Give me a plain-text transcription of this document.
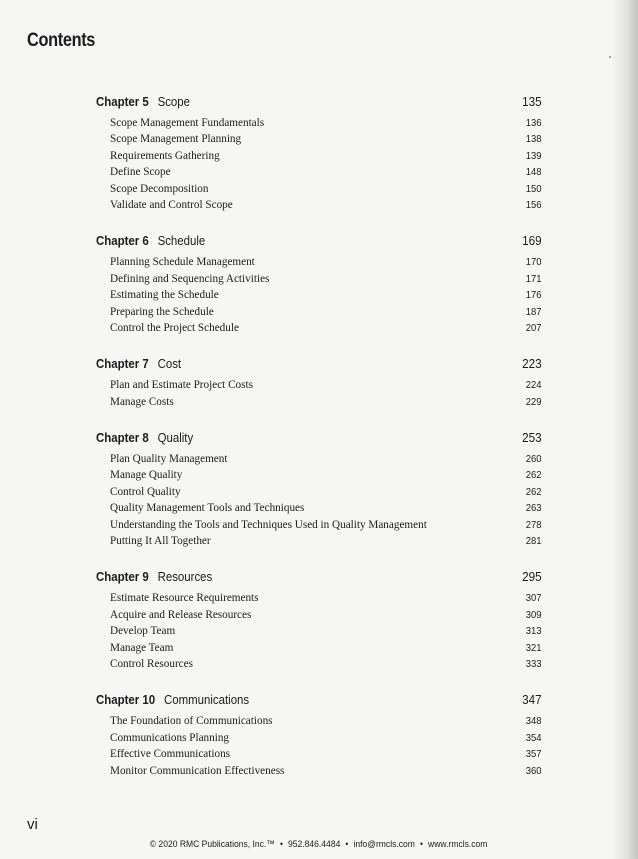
Contents
Chapter 5 Scope	135
Scope Management Fundamentals	136
Scope Management Planning	138
Requirements Gathering	139
Define Scope	148
Scope Decomposition	150
Validate and Control Scope	156
Chapter 6 Schedule	169
Planning Schedule Management	170
Defining and Sequencing Activities	171
Estimating the Schedule	176
Preparing the Schedule	187
Control the Project Schedule	207
Chapter 7 Cost	223
Plan and Estimate Project Costs	224
Manage Costs	229
Chapter 8 Quality	253
Plan Quality Management	260
Manage Quality	262
Control Quality	262
Quality Management Tools and Techniques	263
Understanding the Tools and Techniques Used in Quality Management	278
Putting It All Together	281
Chapter 9 Resources	295
Estimate Resource Requirements	307
Acquire and Release Resources	309
Develop Team	313
Manage Team	321
Control Resources	333
Chapter 10 Communications	347
The Foundation of Communications	348
Communications Planning	354
Effective Communications	357
Monitor Communication Effectiveness	360
vi
© 2020 RMC Publications, Inc.™ • 952.846.4484 • info@rmcls.com • www.rmcls.com
